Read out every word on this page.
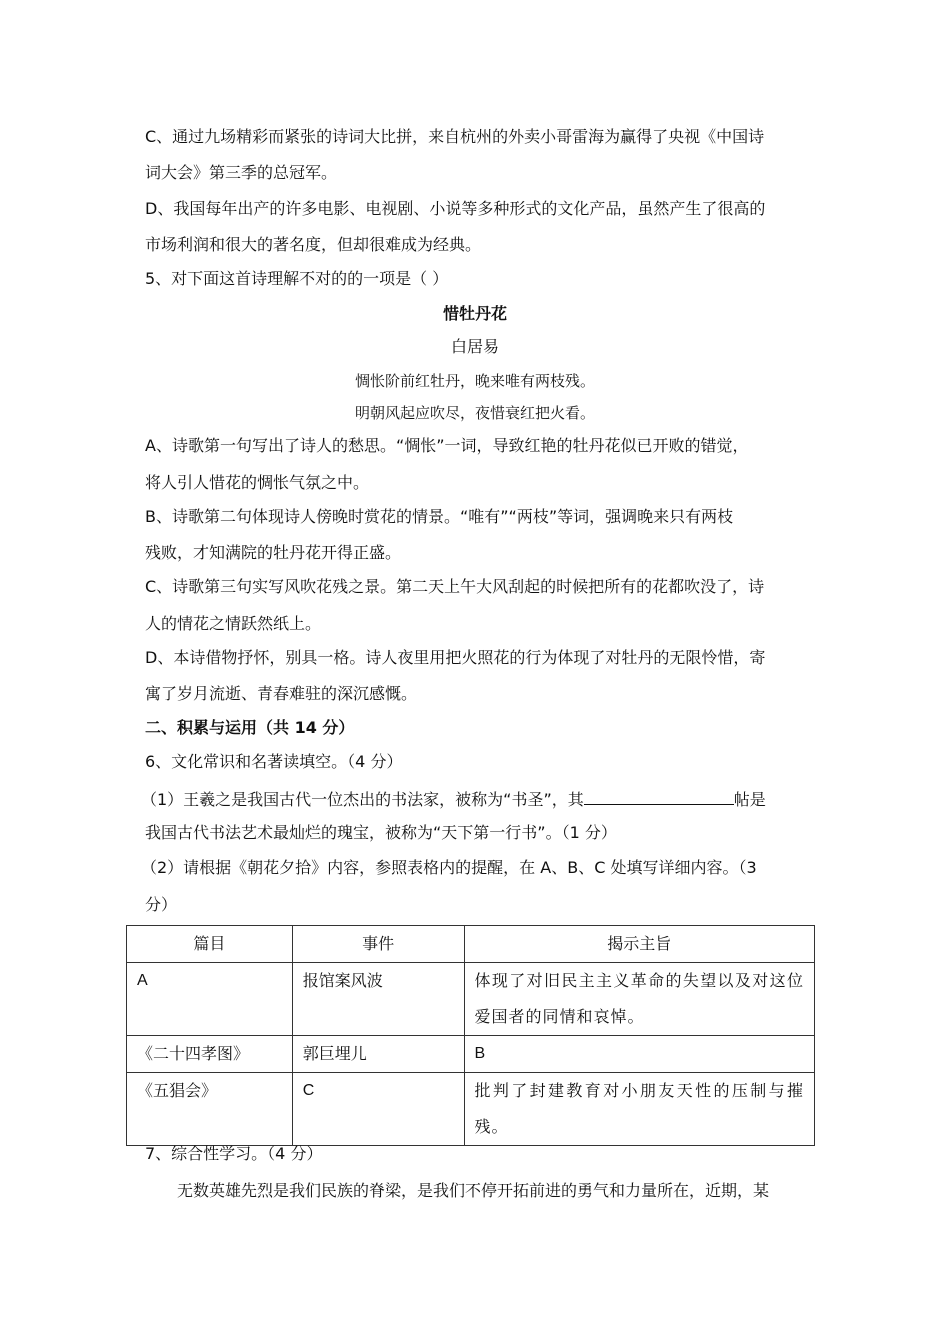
C、通过九场精彩而紧张的诗词大比拼，来自杭州的外卖小哥雷海为赢得了央视《中国诗
词大会》第三季的总冠军。
D、我国每年出产的许多电影、电视剧、小说等多种形式的文化产品，虽然产生了很高的
市场利润和很大的著名度，但却很难成为经典。
5、对下面这首诗理解不对的的一项是（ ）
惜牡丹花
白居易
惆怅阶前红牡丹，晚来唯有两枝残。
明朝风起应吹尽，夜惜衰红把火看。
A、诗歌第一句写出了诗人的愁思。“惆怅”一词，导致红艳的牡丹花似已开败的错觉，
将人引人惜花的惆怅气氛之中。
B、诗歌第二句体现诗人傍晚时赏花的情景。“唯有”“两枝”等词，强调晚来只有两枝
残败，才知满院的牡丹花开得正盛。
C、诗歌第三句实写风吹花残之景。第二天上午大风刮起的时候把所有的花都吹没了，诗
人的情花之情跃然纸上。
D、本诗借物抒怀，别具一格。诗人夜里用把火照花的行为体现了对牡丹的无限怜惜，寄
寓了岁月流逝、青春难驻的深沉感慨。
二、积累与运用（共 14 分）
6、文化常识和名著读填空。（4 分）
（1）王羲之是我国古代一位杰出的书法家，被称为“书圣”，其	帖是
我国古代书法艺术最灿烂的瑰宝，被称为“天下第一行书”。（1 分）
（2）请根据《朝花夕拾》内容，参照表格内的提醒，在 A、B、C 处填写详细内容。（3
分）
篇目	事件	揭示主旨
A	报馆案风波	体现了对旧民主主义革命的失望以及对这位爱国者的同情和哀悼。
《二十四孝图》	郭巨埋儿	B
《五猖会》	C	批判了封建教育对小朋友天性的压制与摧残。
7、综合性学习。（4 分）
无数英雄先烈是我们民族的脊梁，是我们不停开拓前进的勇气和力量所在，近期，某
